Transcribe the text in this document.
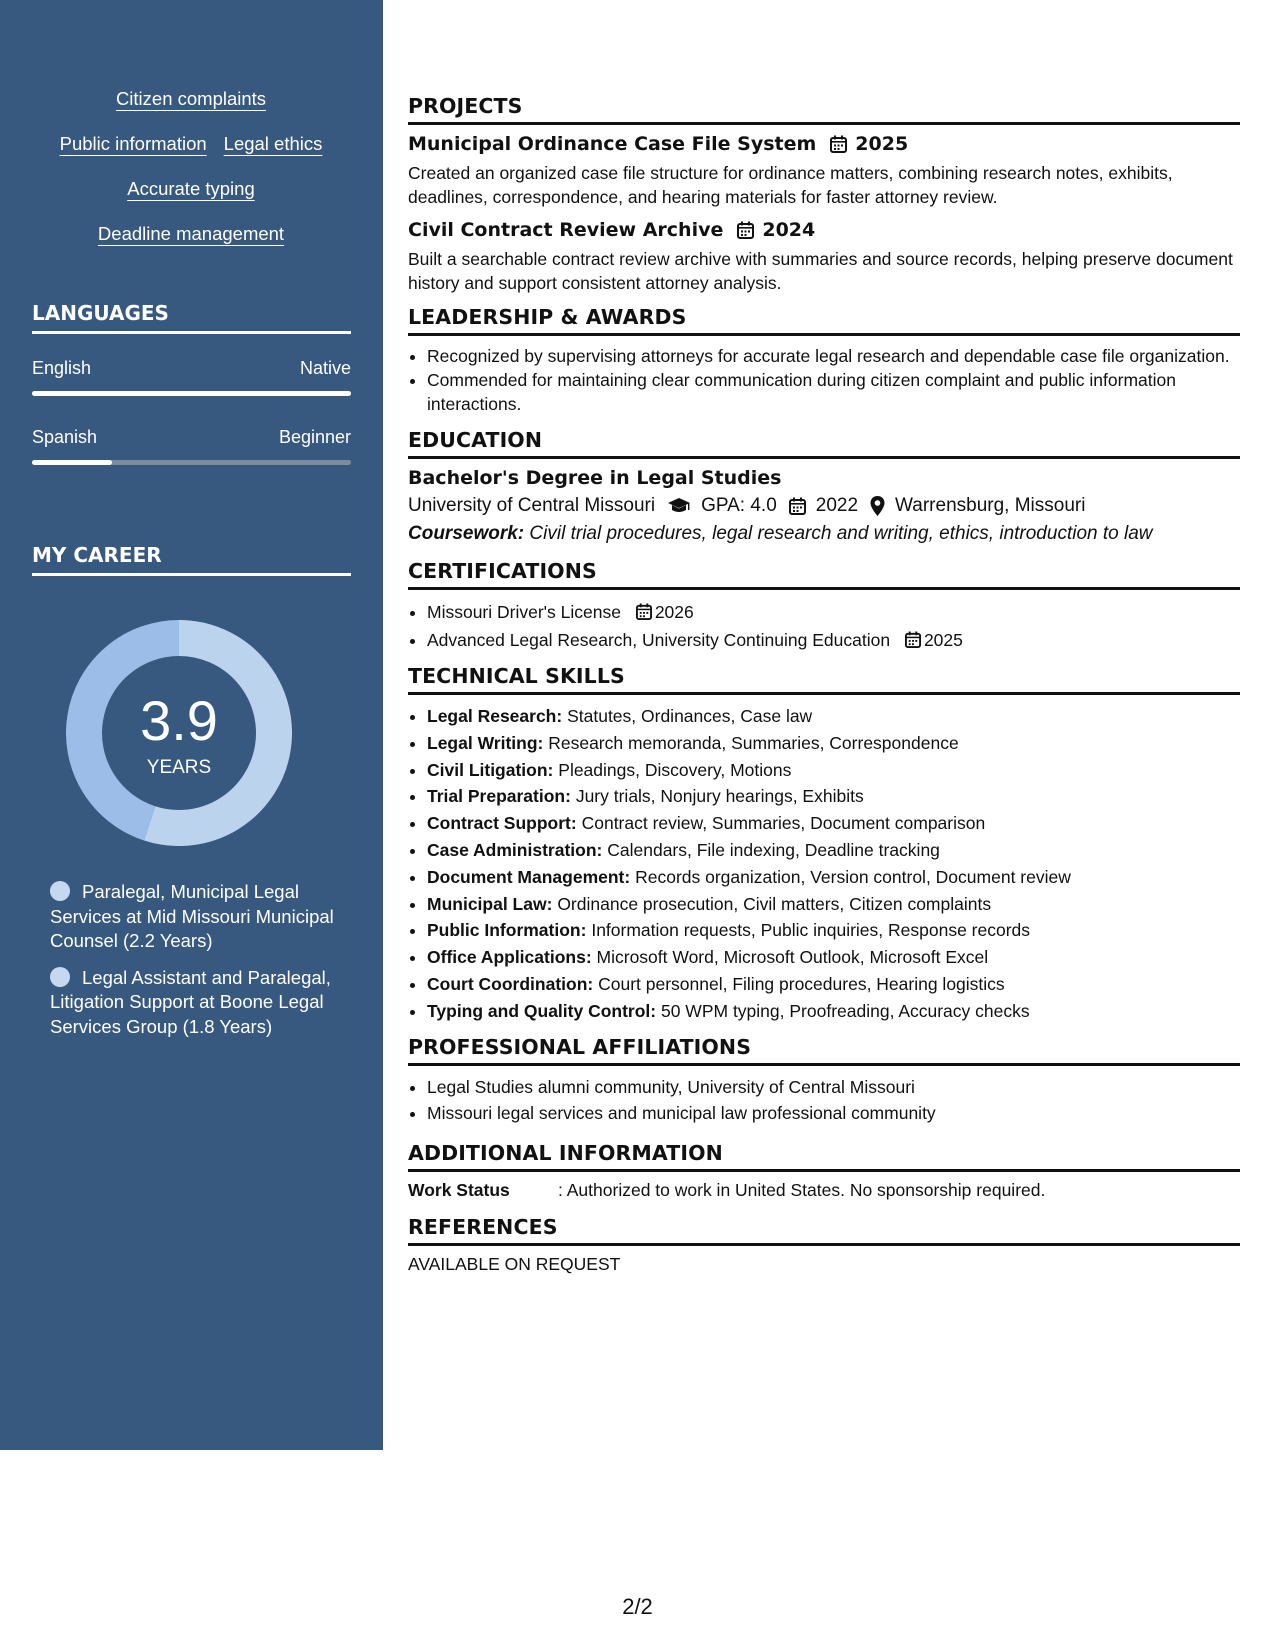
Citizen complaints
Public information Legal ethics
Accurate typing
Deadline management
LANGUAGES
English	Native
Spanish	Beginner
MY CAREER
3.9
YEARS
Paralegal, Municipal Legal Services at Mid Missouri Municipal Counsel (2.2 Years)
Legal Assistant and Paralegal, Litigation Support at Boone Legal Services Group (1.8 Years)
PROJECTS
Municipal Ordinance Case File System 2025
Created an organized case file structure for ordinance matters, combining research notes, exhibits, deadlines, correspondence, and hearing materials for faster attorney review.
Civil Contract Review Archive 2024
Built a searchable contract review archive with summaries and source records, helping preserve document history and support consistent attorney analysis.
LEADERSHIP & AWARDS
• Recognized by supervising attorneys for accurate legal research and dependable case file organization.
• Commended for maintaining clear communication during citizen complaint and public information interactions.
EDUCATION
Bachelor's Degree in Legal Studies
University of Central Missouri GPA: 4.0 2022 Warrensburg, Missouri
Coursework: Civil trial procedures, legal research and writing, ethics, introduction to law
CERTIFICATIONS
• Missouri Driver's License 2026
• Advanced Legal Research, University Continuing Education 2025
TECHNICAL SKILLS
• Legal Research: Statutes, Ordinances, Case law
• Legal Writing: Research memoranda, Summaries, Correspondence
• Civil Litigation: Pleadings, Discovery, Motions
• Trial Preparation: Jury trials, Nonjury hearings, Exhibits
• Contract Support: Contract review, Summaries, Document comparison
• Case Administration: Calendars, File indexing, Deadline tracking
• Document Management: Records organization, Version control, Document review
• Municipal Law: Ordinance prosecution, Civil matters, Citizen complaints
• Public Information: Information requests, Public inquiries, Response records
• Office Applications: Microsoft Word, Microsoft Outlook, Microsoft Excel
• Court Coordination: Court personnel, Filing procedures, Hearing logistics
• Typing and Quality Control: 50 WPM typing, Proofreading, Accuracy checks
PROFESSIONAL AFFILIATIONS
• Legal Studies alumni community, University of Central Missouri
• Missouri legal services and municipal law professional community
ADDITIONAL INFORMATION
Work Status	: Authorized to work in United States. No sponsorship required.
REFERENCES
AVAILABLE ON REQUEST
2/2
